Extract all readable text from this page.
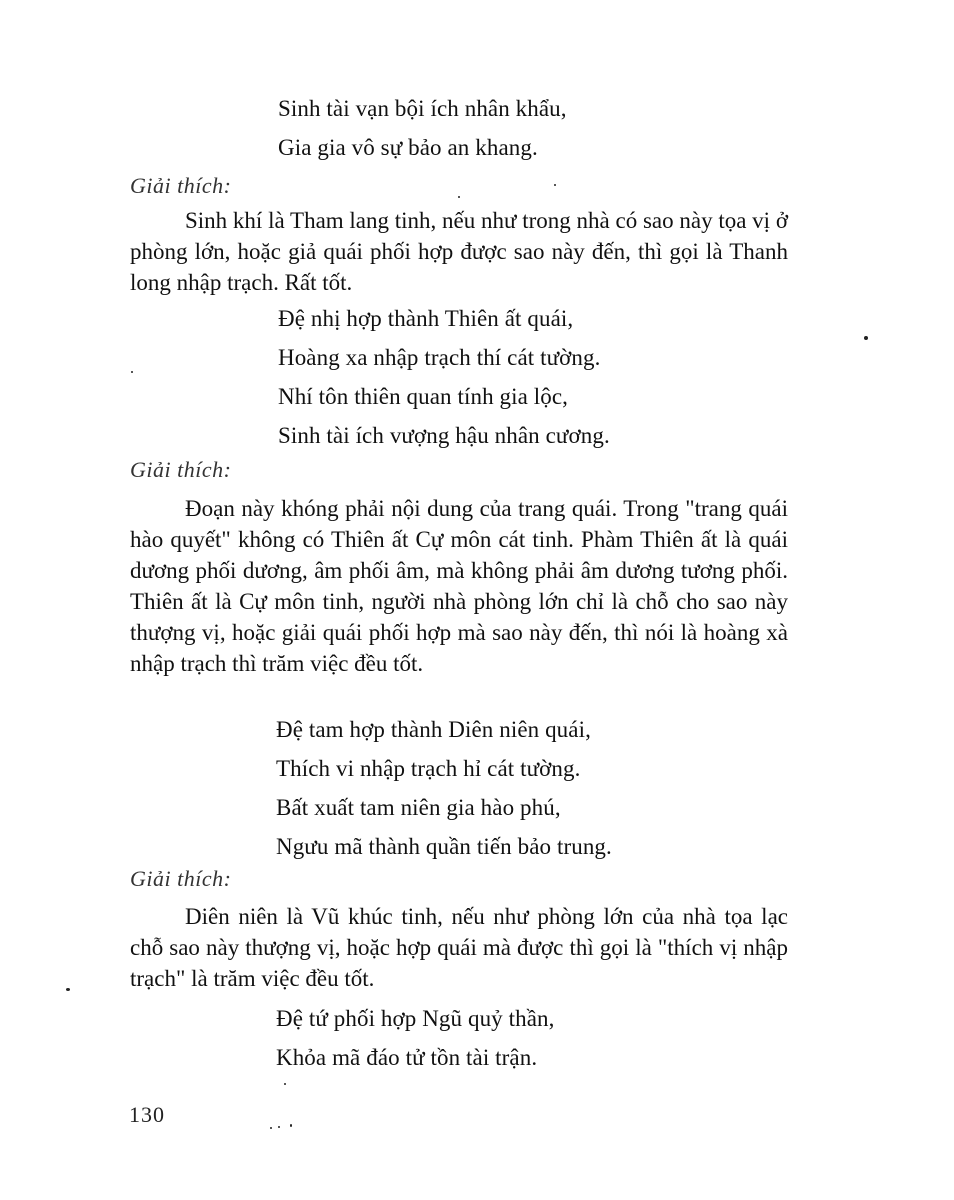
Sinh tài vạn bội ích nhân khẩu,
Gia gia vô sự bảo an khang.
Giải thích:

Sinh khí là Tham lang tinh, nếu như trong nhà có sao này tọa vị ở phòng lớn, hoặc giả quái phối hợp được sao này đến, thì gọi là Thanh long nhập trạch. Rất tốt.

Đệ nhị hợp thành Thiên ất quái,
Hoàng xa nhập trạch thí cát tường.
Nhí tôn thiên quan tính gia lộc,
Sinh tài ích vượng hậu nhân cương.
Giải thích:

Đoạn này khóng phải nội dung của trang quái. Trong "trang quái hào quyết" không có Thiên ất Cự môn cát tinh. Phàm Thiên ất là quái dương phối dương, âm phối âm, mà không phải âm dương tương phối. Thiên ất là Cự môn tinh, người nhà phòng lớn chỉ là chỗ cho sao này thượng vị, hoặc giải quái phối hợp mà sao này đến, thì nói là hoàng xà nhập trạch thì trăm việc đều tốt.

Đệ tam hợp thành Diên niên quái,
Thích vi nhập trạch hỉ cát tường.
Bất xuất tam niên gia hào phú,
Ngưu mã thành quần tiến bảo trung.
Giải thích:

Diên niên là Vũ khúc tinh, nếu như phòng lớn của nhà tọa lạc chỗ sao này thượng vị, hoặc hợp quái mà được thì gọi là "thích vị nhập trạch" là trăm việc đều tốt.

Đệ tứ phối hợp Ngũ quỷ thần,
Khỏa mã đáo tử tồn tài trận.
130
